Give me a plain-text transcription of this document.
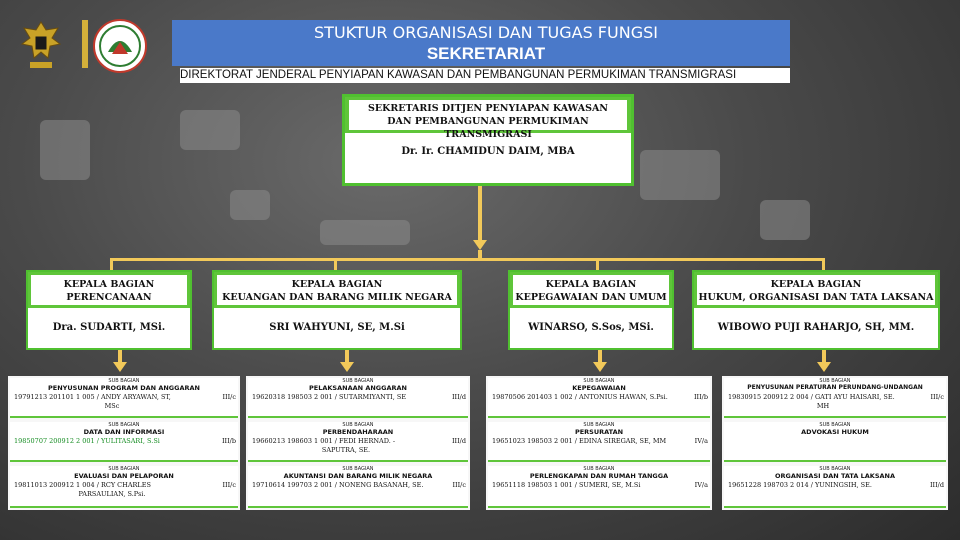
STUKTUR ORGANISASI DAN TUGAS FUNGSI
SEKRETARIAT
DIREKTORAT JENDERAL PENYIAPAN KAWASAN DAN PEMBANGUNAN PERMUKIMAN TRANSMIGRASI
SEKRETARIS DITJEN PENYIAPAN KAWASAN
DAN PEMBANGUNAN PERMUKIMAN TRANSMIGRASI
Dr. Ir. CHAMIDUN DAIM, MBA
KEPALA BAGIAN
PERENCANAAN
Dra. SUDARTI, MSi.
KEPALA BAGIAN
KEUANGAN DAN BARANG MILIK NEGARA
SRI WAHYUNI, SE, M.Si
KEPALA BAGIAN
KEPEGAWAIAN DAN UMUM
WINARSO, S.Sos, MSi.
KEPALA BAGIAN
HUKUM, ORGANISASI DAN TATA LAKSANA
WIBOWO PUJI RAHARJO, SH, MM.
SUB BAGIAN
PENYUSUNAN PROGRAM DAN ANGGARAN
19791213 201101 1 005 / ANDY ARYAWAN, ST,
MSc
III/c
SUB BAGIAN
DATA DAN INFORMASI
19850707 200912 2 001 / YULITASARI, S.Si	III/b
SUB BAGIAN
EVALUASI DAN PELAPORAN
19811013 200912 1 004 / RCY CHARLES
PARSAULIAN, S.Psi.
III/c
SUB BAGIAN
PELAKSANAAN ANGGARAN
19620318 198503 2 001 / SUTARMIYANTI, SE	III/d
SUB BAGIAN
PERBENDAHARAAN
19660213 198603 1 001 / FEDI HERNAD. -
SAPUTRA, SE.
III/d
SUB BAGIAN
AKUNTANSI DAN BARANG MILIK NEGARA
19710614 199703 2 001 / NONENG BASANAH, SE.	III/c
SUB BAGIAN
KEPEGAWAIAN
19870506 201403 1 002 / ANTONIUS HAWAN, S.Psi.	III/b
SUB BAGIAN
PERSURATAN
19651023 198503 2 001 / EDINA SIREGAR, SE, MM	IV/a
SUB BAGIAN
PERLENGKAPAN DAN RUMAH TANGGA
19651118 198503 1 001 / SUMERI, SE, M.Si	IV/a
SUB BAGIAN
PENYUSUNAN PERATURAN PERUNDANG-UNDANGAN
19830915 200912 2 004 / GATI AYU HAISARI, SE.
MH
III/c
SUB BAGIAN
ADVOKASI HUKUM
SUB BAGIAN
ORGANISASI DAN TATA LAKSANA
19651228 198703 2 014 / YUNINGSIH, SE.	III/d
